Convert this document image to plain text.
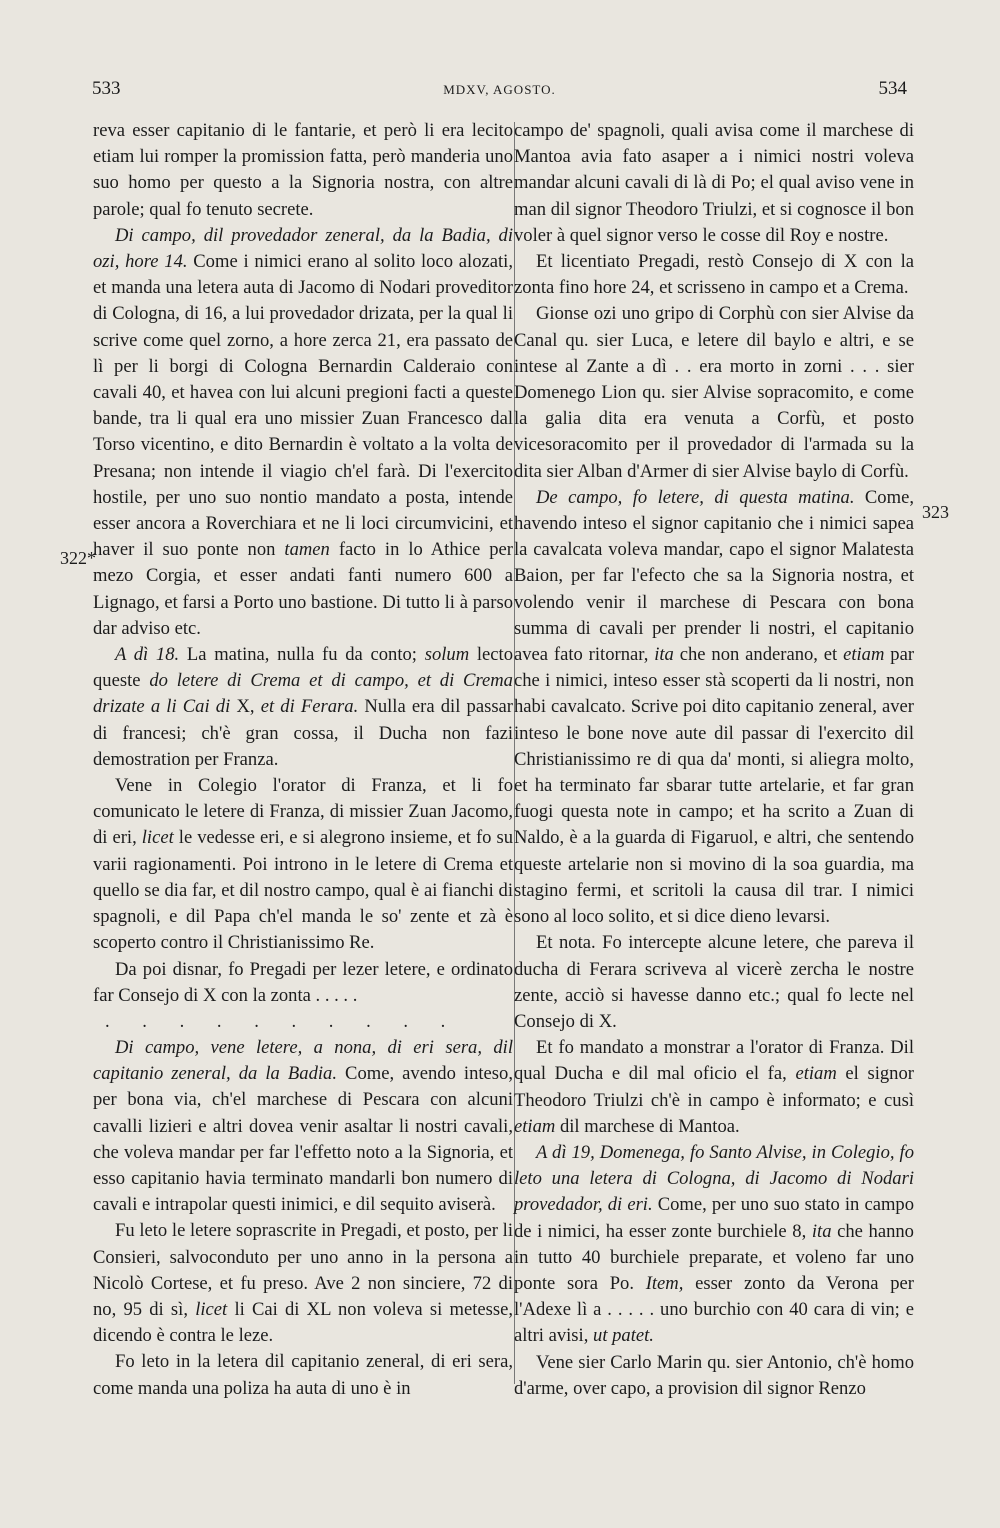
533	MDXV, AGOSTO.	534
322*
323

reva esser capitanio di le fantarie, et però li era lecito etiam lui romper la promission fatta, però manderia uno suo homo per questo a la Signoria nostra, con altre parole; qual fo tenuto secrete.

Di campo, dil provedador zeneral, da la Badia, di ozi, hore 14. Come i nimici erano al solito loco alozati, et manda una letera auta di Jacomo di Nodari proveditor di Cologna, di 16, a lui provedador drizata, per la qual li scrive come quel zorno, a hore zerca 21, era passato de lì per li borgi di Cologna Bernardin Calderaio con cavali 40, et havea con lui alcuni pregioni facti a queste bande, tra li qual era uno missier Zuan Francesco dal Torso vicentino, e dito Bernardin è voltato a la volta de Presana; non intende il viagio ch'el farà. Di l'exercito hostile, per uno suo nontio mandato a posta, intende esser ancora a Roverchiara et ne li loci circumvicini, et haver il suo ponte non tamen facto in lo Athice per mezo Corgia, et esser andati fanti numero 600 a Lignago, et farsi a Porto uno bastione. Di tutto li à parso dar adviso etc.

A dì 18. La matina, nulla fu da conto; solum lecto queste do letere di Crema et di campo, et di Crema drizate a li Cai di X, et di Ferara. Nulla era dil passar di francesi; ch'è gran cossa, il Ducha non fazi demostration per Franza.

Vene in Colegio l'orator di Franza, et li fo comunicato le letere di Franza, di missier Zuan Jacomo, di eri, licet le vedesse eri, e si alegrono insieme, et fo su varii ragionamenti. Poi introno in le letere di Crema et quello se dia far, et dil nostro campo, qual è ai fianchi di spagnoli, e dil Papa ch'el manda le so' zente et zà è scoperto contro il Christianissimo Re.

Da poi disnar, fo Pregadi per lezer letere, e ordinato far Consejo di X con la zonta . . . . .

. . . . . . . . . .

Di campo, vene letere, a nona, di eri sera, dil capitanio zeneral, da la Badia. Come, avendo inteso, per bona via, ch'el marchese di Pescara con alcuni cavalli lizieri e altri dovea venir asaltar li nostri cavali, che voleva mandar per far l'effetto noto a la Signoria, et esso capitanio havia terminato mandarli bon numero di cavali e intrapolar questi inimici, e dil sequito aviserà.

Fu leto le letere soprascrite in Pregadi, et posto, per li Consieri, salvoconduto per uno anno in la persona a Nicolò Cortese, et fu preso. Ave 2 non sinciere, 72 di no, 95 di sì, licet li Cai di XL non voleva si metesse, dicendo è contra le leze.

Fo leto in la letera dil capitanio zeneral, di eri sera, come manda una poliza ha auta di uno è in

campo de' spagnoli, quali avisa come il marchese di Mantoa avia fato asaper a i nimici nostri voleva mandar alcuni cavali di là di Po; el qual aviso vene in man dil signor Theodoro Triulzi, et si cognosce il bon voler à quel signor verso le cosse dil Roy e nostre.

Et licentiato Pregadi, restò Consejo di X con la zonta fino hore 24, et scrisseno in campo et a Crema.

Gionse ozi uno gripo di Corphù con sier Alvise da Canal qu. sier Luca, e letere dil baylo e altri, e se intese al Zante a dì . . era morto in zorni . . . sier Domenego Lion qu. sier Alvise sopracomito, e come la galia dita era venuta a Corfù, et posto vicesoracomito per il provedador di l'armada su la dita sier Alban d'Armer di sier Alvise baylo di Corfù.

De campo, fo letere, di questa matina. Come, havendo inteso el signor capitanio che i nimici sapea la cavalcata voleva mandar, capo el signor Malatesta Baion, per far l'efecto che sa la Signoria nostra, et volendo venir il marchese di Pescara con bona summa di cavali per prender li nostri, el capitanio avea fato ritornar, ita che non anderano, et etiam par che i nimici, inteso esser stà scoperti da li nostri, non habi cavalcato. Scrive poi dito capitanio zeneral, aver inteso le bone nove aute dil passar di l'exercito dil Christianissimo re di qua da' monti, si aliegra molto, et ha terminato far sbarar tutte artelarie, et far gran fuogi questa note in campo; et ha scrito a Zuan di Naldo, è a la guarda di Figaruol, e altri, che sentendo queste artelarie non si movino di la soa guardia, ma stagino fermi, et scritoli la causa dil trar. I nimici sono al loco solito, et si dice dieno levarsi.

Et nota. Fo intercepte alcune letere, che pareva il ducha di Ferara scriveva al vicerè zercha le nostre zente, acciò si havesse danno etc.; qual fo lecte nel Consejo di X.

Et fo mandato a monstrar a l'orator di Franza. Dil qual Ducha e dil mal oficio el fa, etiam el signor Theodoro Triulzi ch'è in campo è informato; e cusì etiam dil marchese di Mantoa.

A dì 19, Domenega, fo Santo Alvise, in Colegio, fo leto una letera di Cologna, di Jacomo di Nodari provedador, di eri. Come, per uno suo stato in campo de i nimici, ha esser zonte burchiele 8, ita che hanno in tutto 40 burchiele preparate, et voleno far uno ponte sora Po. Item, esser zonto da Verona per l'Adexe lì a . . . . . uno burchio con 40 cara di vin; e altri avisi, ut patet.

Vene sier Carlo Marin qu. sier Antonio, ch'è homo d'arme, over capo, a provision dil signor Renzo
